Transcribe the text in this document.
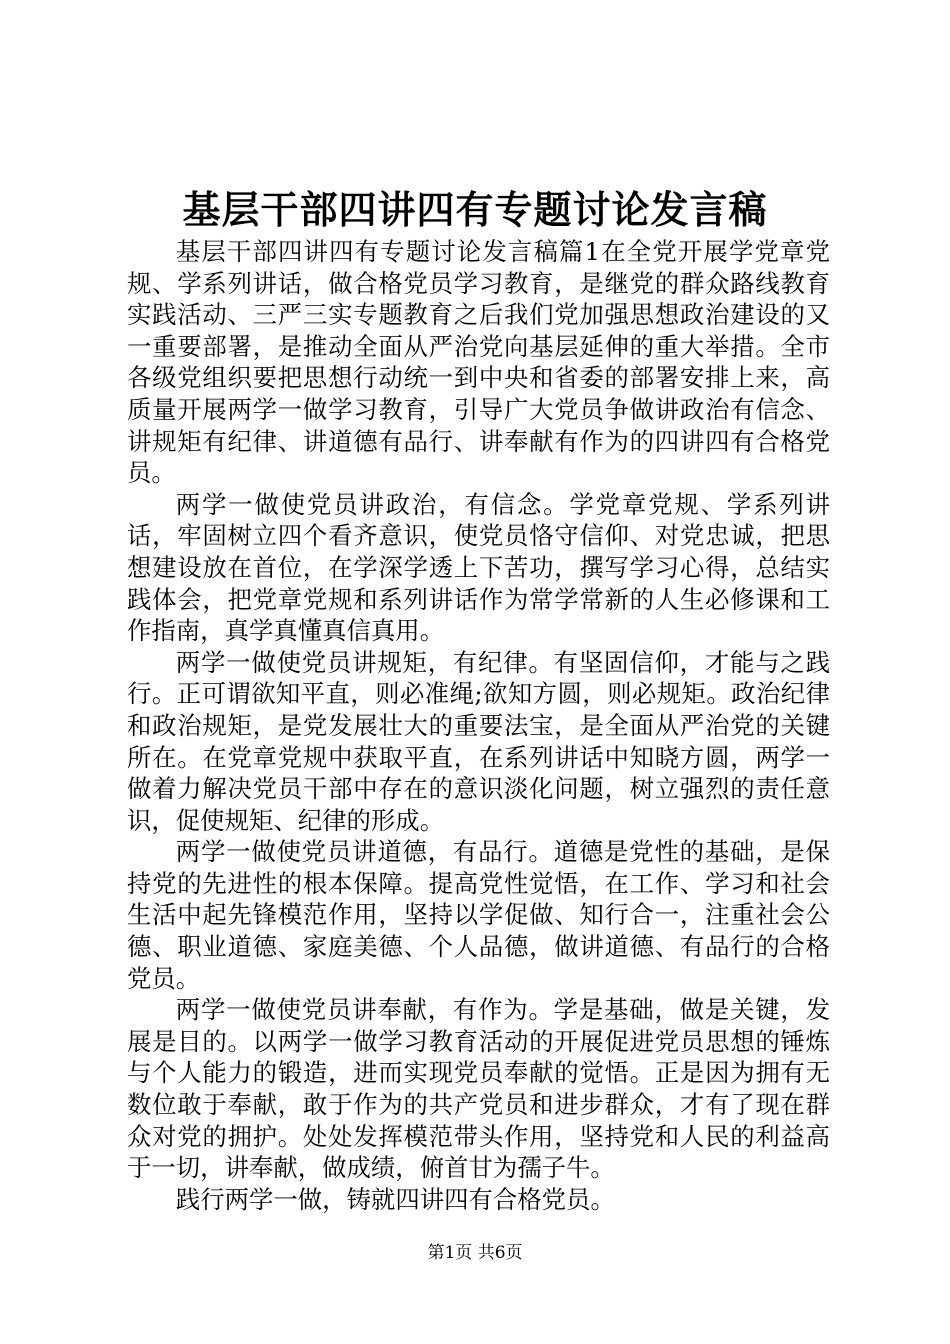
基层干部四讲四有专题讨论发言稿

基层干部四讲四有专题讨论发言稿篇1在全党开展学党章党规、学系列讲话，做合格党员学习教育，是继党的群众路线教育实践活动、三严三实专题教育之后我们党加强思想政治建设的又一重要部署，是推动全面从严治党向基层延伸的重大举措。全市各级党组织要把思想行动统一到中央和省委的部署安排上来，高质量开展两学一做学习教育，引导广大党员争做讲政治有信念、讲规矩有纪律、讲道德有品行、讲奉献有作为的四讲四有合格党员。

两学一做使党员讲政治，有信念。学党章党规、学系列讲话，牢固树立四个看齐意识，使党员恪守信仰、对党忠诚，把思想建设放在首位，在学深学透上下苦功，撰写学习心得，总结实践体会，把党章党规和系列讲话作为常学常新的人生必修课和工作指南，真学真懂真信真用。

两学一做使党员讲规矩，有纪律。有坚固信仰，才能与之践行。正可谓欲知平直，则必准绳;欲知方圆，则必规矩。政治纪律和政治规矩，是党发展壮大的重要法宝，是全面从严治党的关键所在。在党章党规中获取平直，在系列讲话中知晓方圆，两学一做着力解决党员干部中存在的意识淡化问题，树立强烈的责任意识，促使规矩、纪律的形成。

两学一做使党员讲道德，有品行。道德是党性的基础，是保持党的先进性的根本保障。提高党性觉悟，在工作、学习和社会生活中起先锋模范作用，坚持以学促做、知行合一，注重社会公德、职业道德、家庭美德、个人品德，做讲道德、有品行的合格党员。

两学一做使党员讲奉献，有作为。学是基础，做是关键，发展是目的。以两学一做学习教育活动的开展促进党员思想的锤炼与个人能力的锻造，进而实现党员奉献的觉悟。正是因为拥有无数位敢于奉献，敢于作为的共产党员和进步群众，才有了现在群众对党的拥护。处处发挥模范带头作用，坚持党和人民的利益高于一切，讲奉献，做成绩，俯首甘为孺子牛。

践行两学一做，铸就四讲四有合格党员。

第1页 共6页
